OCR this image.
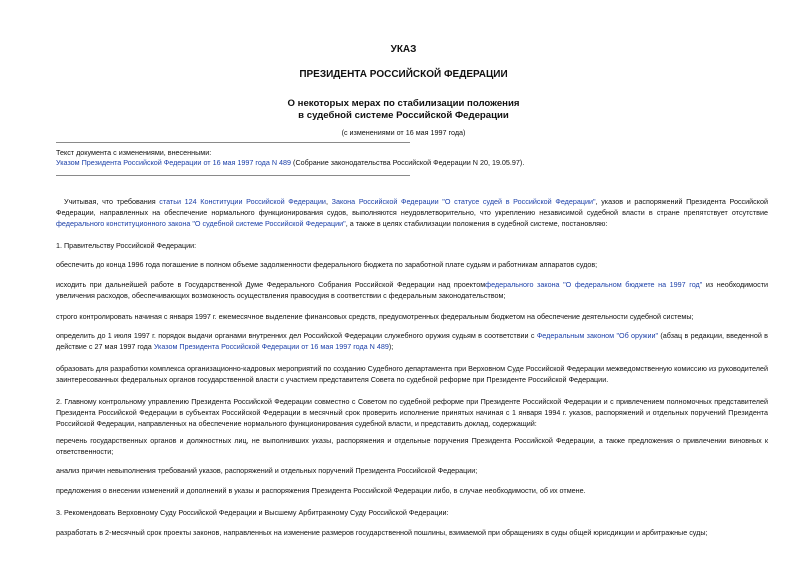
УКАЗ
ПРЕЗИДЕНТА РОССИЙСКОЙ ФЕДЕРАЦИИ
О некоторых мерах по стабилизации положения
в судебной системе Российской Федерации
(с изменениями от 16 мая 1997 года)
Текст документа с изменениями, внесенными:
Указом Президента Российской Федерации от 16 мая 1997 года N 489 (Собрание законодательства Российской Федерации N 20, 19.05.97).
Учитывая, что требования статьи 124 Конституции Российской Федерации, Закона Российской Федерации "О статусе судей в Российской Федерации", указов и распоряжений Президента Российской Федерации, направленных на обеспечение нормального функционирования судов, выполняются неудовлетворительно, что укреплению независимой судебной власти в стране препятствует отсутствие федерального конституционного закона "О судебной системе Российской Федерации", а также в целях стабилизации положения в судебной системе, постановляю:
1. Правительству Российской Федерации:
обеспечить до конца 1996 года погашение в полном объеме задолженности федерального бюджета по заработной плате судьям и работникам аппаратов судов;
исходить при дальнейшей работе в Государственной Думе Федерального Собрания Российской Федерации над проектомфедерального закона "О федеральном бюджете на 1997 год" из необходимости увеличения расходов, обеспечивающих возможность осуществления правосудия в соответствии с федеральным законодательством;
строго контролировать начиная с января 1997 г. ежемесячное выделение финансовых средств, предусмотренных федеральным бюджетом на обеспечение деятельности судебной системы;
определить до 1 июля 1997 г. порядок выдачи органами внутренних дел Российской Федерации служебного оружия судьям в соответствии с Федеральным законом "Об оружии" (абзац в редакции, введенной в действие с 27 мая 1997 года Указом Президента Российской Федерации от 16 мая 1997 года N 489);
образовать для разработки комплекса организационно-кадровых мероприятий по созданию Судебного департамента при Верховном Суде Российской Федерации межведомственную комиссию из руководителей заинтересованных федеральных органов государственной власти с участием представителя Совета по судебной реформе при Президенте Российской Федерации.
2. Главному контрольному управлению Президента Российской Федерации совместно с Советом по судебной реформе при Президенте Российской Федерации и с привлечением полномочных представителей Президента Российской Федерации в субъектах Российской Федерации в месячный срок проверить исполнение принятых начиная с 1 января 1994 г. указов, распоряжений и отдельных поручений Президента Российской Федерации, направленных на обеспечение нормального функционирования судебной власти, и представить доклад, содержащий:
перечень государственных органов и должностных лиц, не выполнивших указы, распоряжения и отдельные поручения Президента Российской Федерации, а также предложения о привлечении виновных к ответственности;
анализ причин невыполнения требований указов, распоряжений и отдельных поручений Президента Российской Федерации;
предложения о внесении изменений и дополнений в указы и распоряжения Президента Российской Федерации либо, в случае необходимости, об их отмене.
3. Рекомендовать Верховному Суду Российской Федерации и Высшему Арбитражному Суду Российской Федерации:
разработать в 2-месячный срок проекты законов, направленных на изменение размеров государственной пошлины, взимаемой при обращениях в суды общей юрисдикции и арбитражные суды;
